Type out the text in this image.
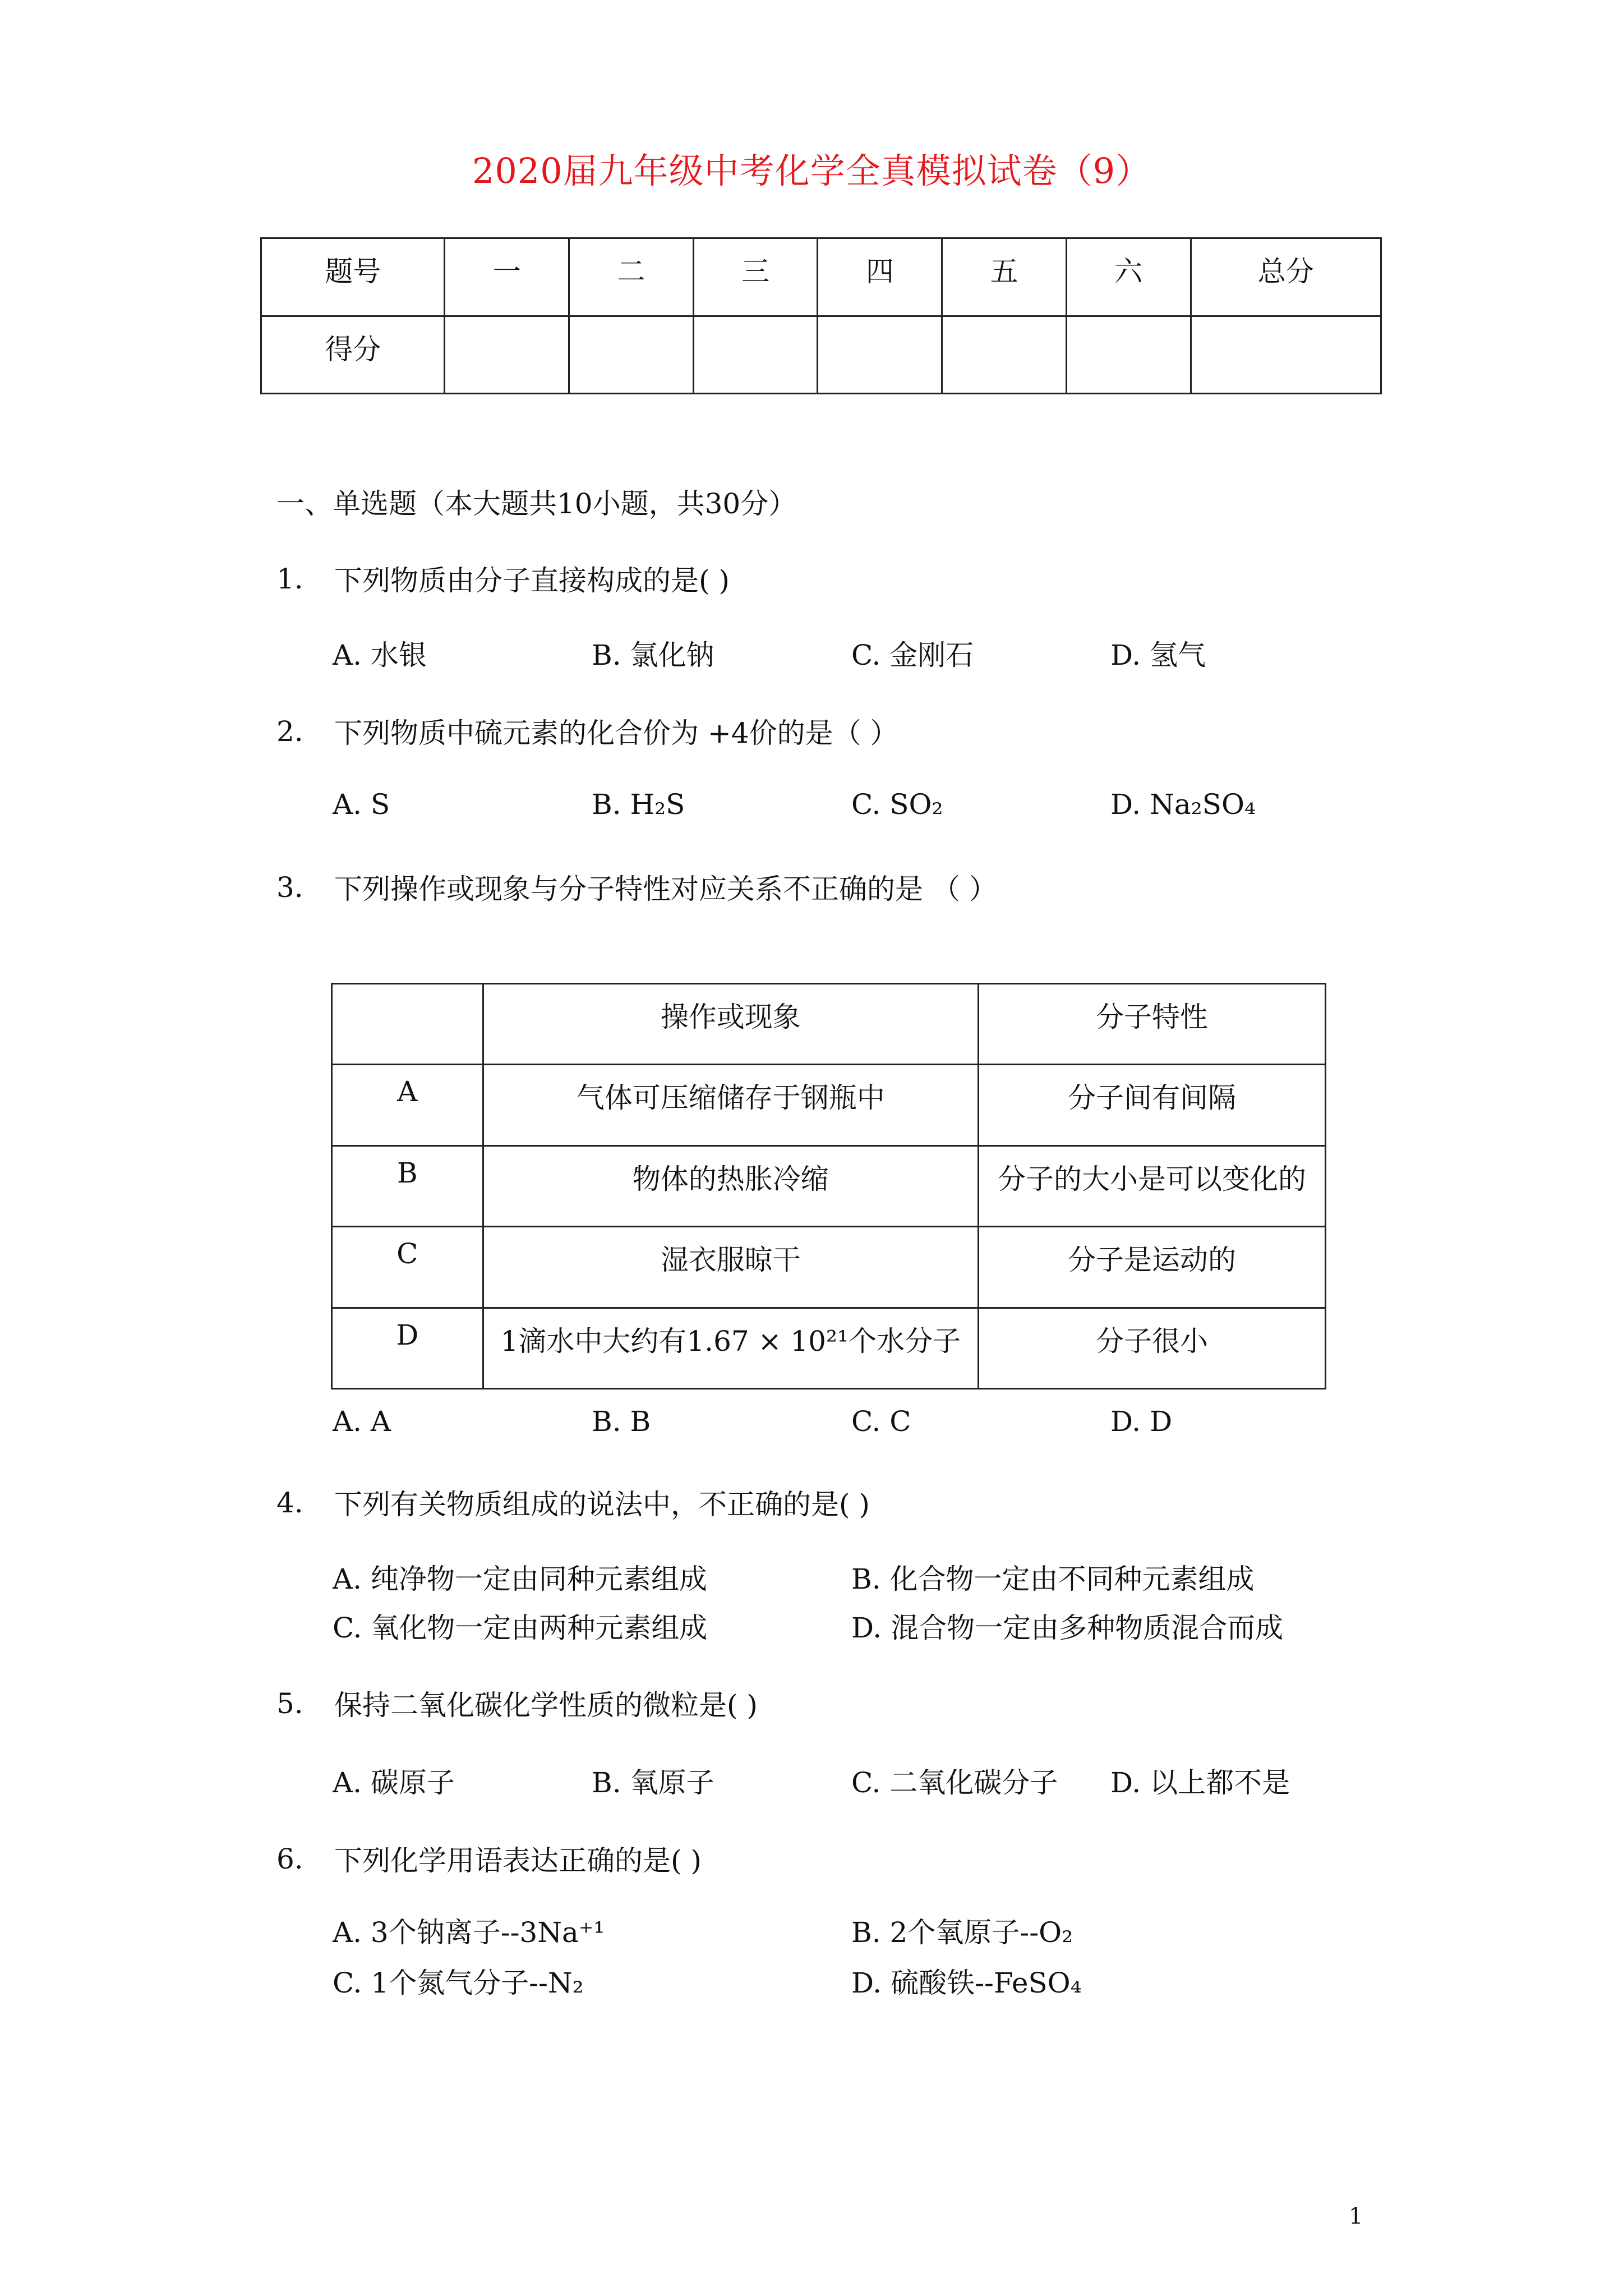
2020届九年级中考化学全真模拟试卷（9）
题号	一	二	三	四	五	六	总分
得分							
一、单选题（本大题共10小题，共30分）
1. 下列物质由分子直接构成的是( )
A. 水银	B. 氯化钠	C. 金刚石	D. 氢气
2. 下列物质中硫元素的化合价为 +4价的是（ ）
A. S	B. H₂S	C. SO₂	D. Na₂SO₄
3. 下列操作或现象与分子特性对应关系不正确的是 （ ）
	操作或现象	分子特性
A	气体可压缩储存于钢瓶中	分子间有间隔
B	物体的热胀冷缩	分子的大小是可以变化的
C	湿衣服晾干	分子是运动的
D	1滴水中大约有1.67 × 10²¹个水分子	分子很小
A. A	B. B	C. C	D. D
4. 下列有关物质组成的说法中，不正确的是( )
A. 纯净物一定由同种元素组成	B. 化合物一定由不同种元素组成
C. 氧化物一定由两种元素组成	D. 混合物一定由多种物质混合而成
5. 保持二氧化碳化学性质的微粒是( )
A. 碳原子	B. 氧原子	C. 二氧化碳分子 D. 以上都不是
6. 下列化学用语表达正确的是( )
A. 3个钠离子--3Na⁺¹	B. 2个氧原子--O₂
C. 1个氮气分子--N₂	D. 硫酸铁--FeSO₄
1
